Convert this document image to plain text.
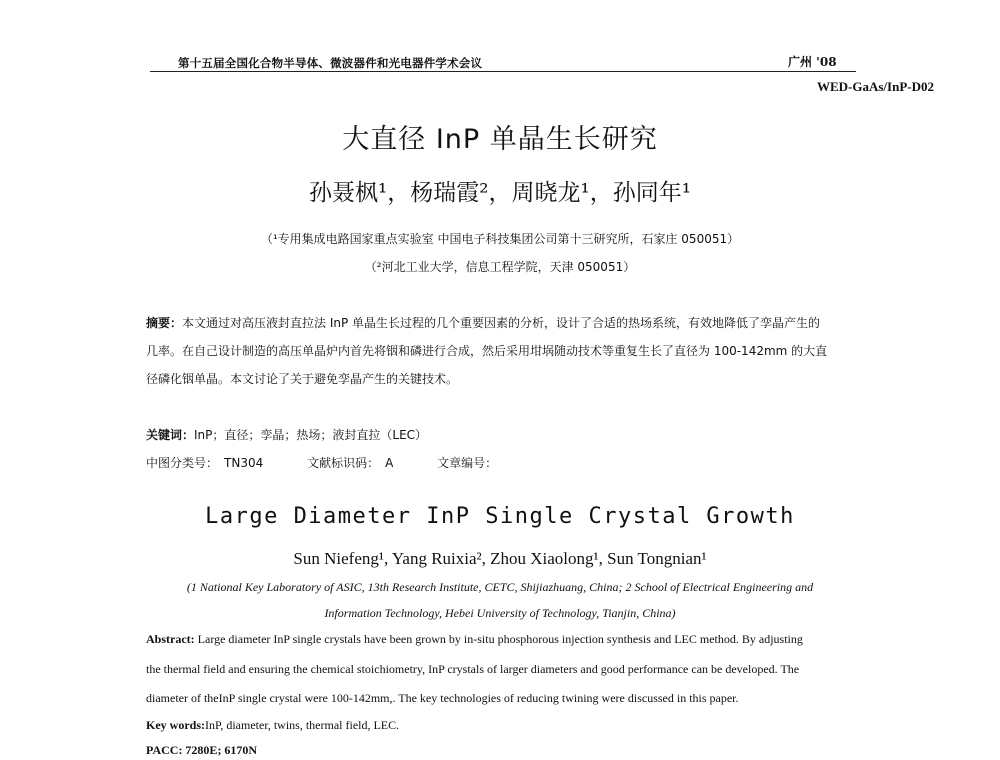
第十五届全国化合物半导体、微波器件和光电器件学术会议	广州 '08
WED-GaAs/InP-D02
大直径 InP 单晶生长研究
孙聂枫¹，杨瑞霞²，周晓龙¹，孙同年¹
（¹专用集成电路国家重点实验室 中国电子科技集团公司第十三研究所，石家庄 050051）
（²河北工业大学，信息工程学院，天津 050051）
摘要：本文通过对高压液封直拉法 InP 单晶生长过程的几个重要因素的分析，设计了合适的热场系统，有效地降低了孪晶产生的
几率。在自己设计制造的高压单晶炉内首先将铟和磷进行合成，然后采用坩埚随动技术等重复生长了直径为 100-142mm 的大直
径磷化铟单晶。本文讨论了关于避免孪晶产生的关键技术。
关键词：InP；直径；孪晶；热场；液封直拉（LEC）
中图分类号： TN304	文献标识码： A	文章编号：
Large Diameter InP Single Crystal Growth
Sun Niefeng¹, Yang Ruixia², Zhou Xiaolong¹, Sun Tongnian¹
(1 National Key Laboratory of ASIC, 13th Research Institute, CETC, Shijiazhuang, China; 2 School of Electrical Engineering and
Information Technology, Hebei University of Technology, Tianjin, China)
Abstract: Large diameter InP single crystals have been grown by in-situ phosphorous injection synthesis and LEC method. By adjusting
the thermal field and ensuring the chemical stoichiometry, InP crystals of larger diameters and good performance can be developed. The
diameter of theInP single crystal were 100-142mm,. The key technologies of reducing twining were discussed in this paper.
Key words:InP, diameter, twins, thermal field, LEC.
PACC: 7280E; 6170N
